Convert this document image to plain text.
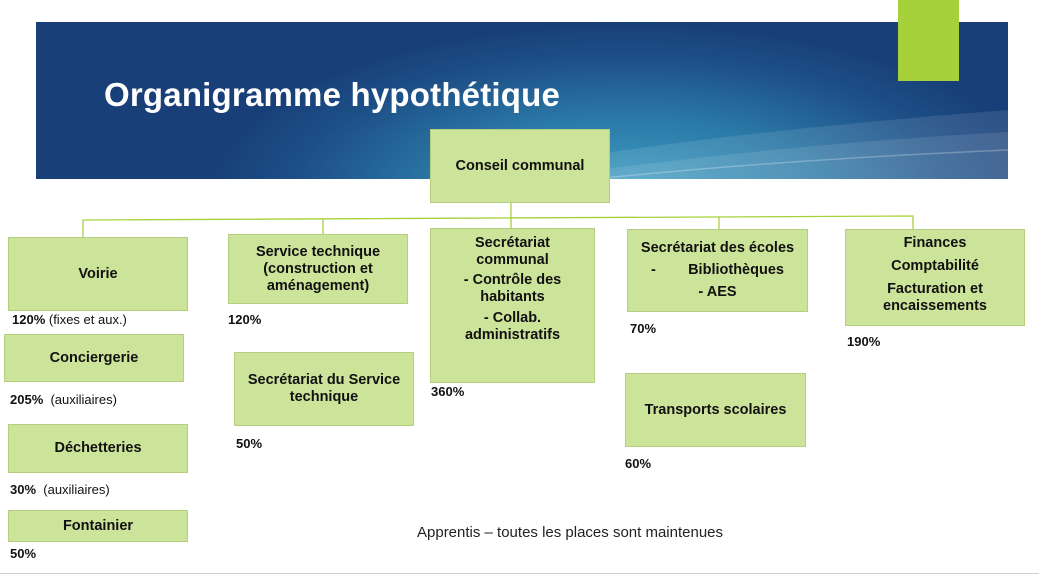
Organigramme hypothétique
Conseil communal
Voirie
120% (fixes et aux.)
Conciergerie
205%  (auxiliaires)
Déchetteries
30%  (auxiliaires)
Fontainier
50%
Service technique
(construction et
aménagement)
120%
Secrétariat du Service
technique
50%
Secrétariat
communal
- Contrôle des
habitants
- Collab.
administratifs
360%
Secrétariat des écoles
-        Bibliothèques
- AES
70%
Transports scolaires
60%
Finances
Comptabilité
Facturation et
encaissements
190%
Apprentis – toutes les places sont maintenues
